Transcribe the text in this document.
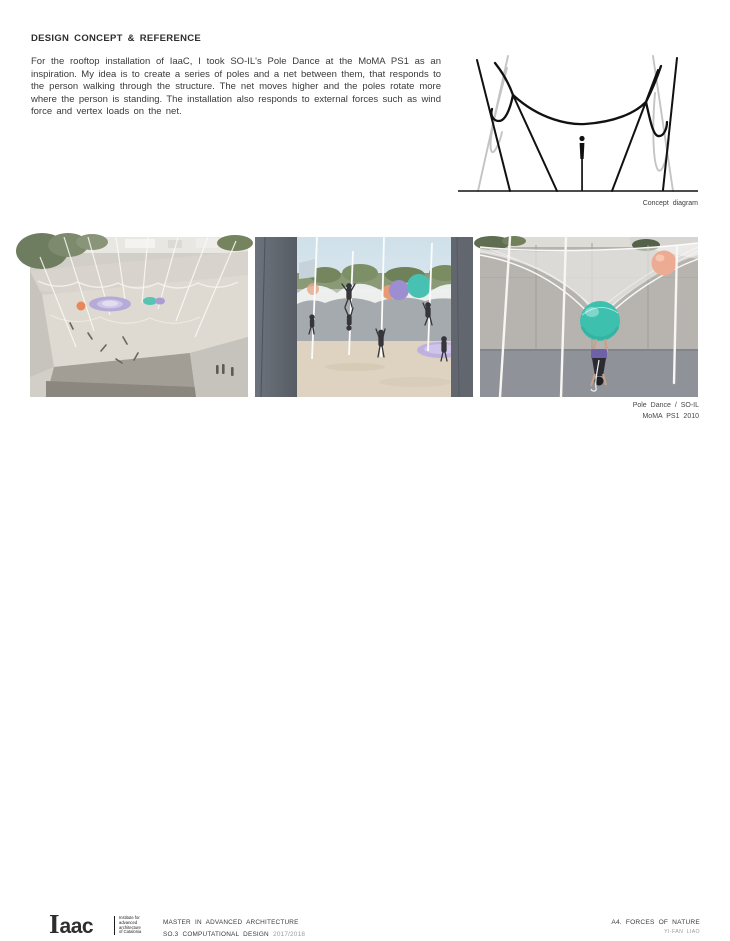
DESIGN CONCEPT & REFERENCE

For the rooftop installation of IaaC, I took SO-IL's Pole Dance at the MoMA PS1 as an inspiration. My idea is to create a series of poles and a net between them, that responds to the person walking through the structure. The net moves higher and the poles rotate more where the person is standing. The installation also responds to external forces such as wind force and vertex loads on the net.

Concept diagram
Pole Dance / SO-IL
MoMA PS1 2010
Iaac	Institute for
advanced
architecture
of Catalonia
MASTER IN ADVANCED ARCHITECTURE
SO.3 COMPUTATIONAL DESIGN 2017/2018
A4. FORCES OF NATURE
YI-FAN LIAO
